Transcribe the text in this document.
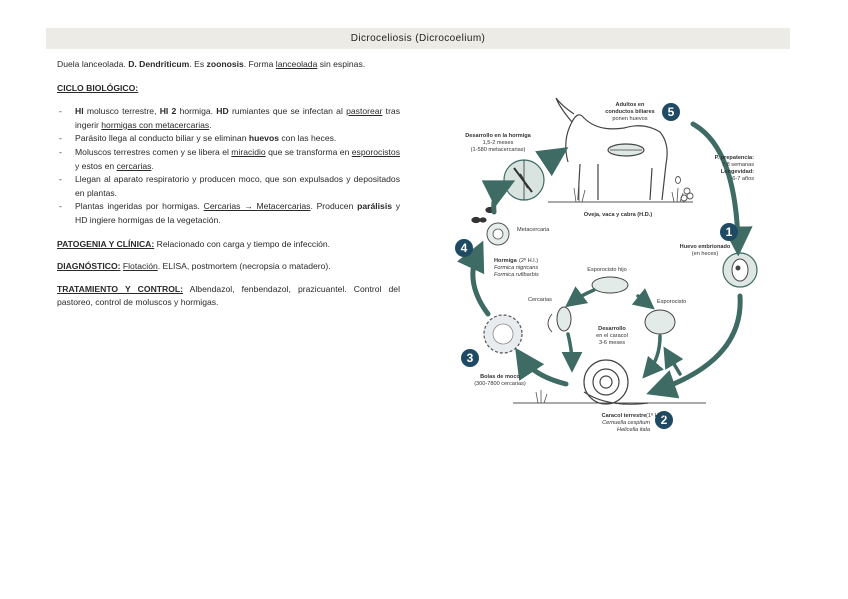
Dicroceliosis (Dicrocoelium)

Duela lanceolada. D. Dendriticum. Es zoonosis. Forma lanceolada sin espinas.

CICLO BIOLÓGICO:

- HI molusco terrestre, HI 2 hormiga. HD rumiantes que se infectan al pastorear tras ingerir hormigas con metacercarias.
- Parásito llega al conducto biliar y se eliminan huevos con las heces.
- Moluscos terrestres comen y se libera el miracidio que se transforma en esporocistos y estos en cercarias.
- Llegan al aparato respiratorio y producen moco, que son expulsados y depositados en plantas.
- Plantas ingeridas por hormigas. Cercarias → Metacercarias. Producen parálisis y HD ingiere hormigas de la vegetación.

PATOGENIA Y CLÍNICA: Relacionado con carga y tiempo de infección.

DIAGNÓSTICO: Flotación. ELISA, postmortem (necropsia o matadero).

TRATAMIENTO Y CONTROL: Albendazol, fenbendazol, prazicuantel. Control del pastoreo, control de moluscos y hormigas.

1
2
3
4
5
Adultos en
conductos biliares
ponen huevos
P. prepatencia:
7-8 semanas
Longevidad:
6-7 años
Oveja, vaca y cabra (H.D.)
Huevo embrionado
(en heces)
Desarrollo en la hormiga
1,5-2 meses
(1-580 metacercarias)
Metacercaria
Hormiga (2º H.I.)
Formica nigricans
Formica rufibarbis
Esporocisto hijo
Cercarias	Esporocisto
Desarrollo
en el caracol
3-6 meses
Bolas de moco
(300-7800 cercarias)
Caracol terrestre (1º H.I.)
Cernuella cespitum
Helicella itala
